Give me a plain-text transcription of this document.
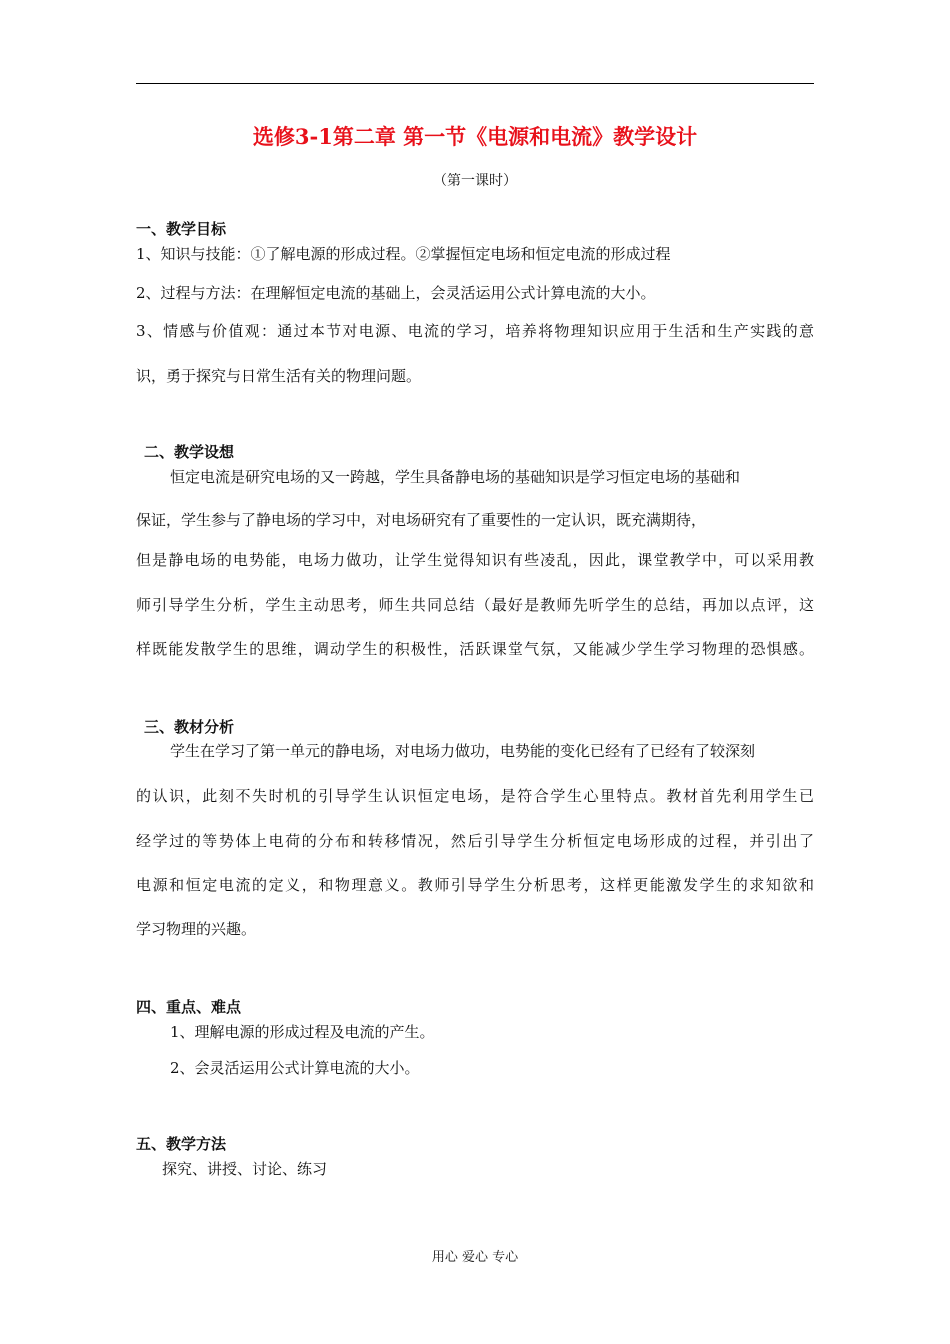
选修3-1第二章 第一节《电源和电流》教学设计
（第一课时）
一、教学目标
1、知识与技能：①了解电源的形成过程。②掌握恒定电场和恒定电流的形成过程
2、过程与方法：在理解恒定电流的基础上，会灵活运用公式计算电流的大小。
3、情感与价值观：通过本节对电源、电流的学习，培养将物理知识应用于生活和生产实践的意
识，勇于探究与日常生活有关的物理问题。
二、教学设想
恒定电流是研究电场的又一跨越，学生具备静电场的基础知识是学习恒定电场的基础和
保证，学生参与了静电场的学习中，对电场研究有了重要性的一定认识，既充满期待，
但是静电场的电势能，电场力做功，让学生觉得知识有些凌乱，因此，课堂教学中，可以采用教
师引导学生分析，学生主动思考，师生共同总结（最好是教师先听学生的总结，再加以点评，这
样既能发散学生的思维，调动学生的积极性，活跃课堂气氛，又能减少学生学习物理的恐惧感。
三、教材分析
学生在学习了第一单元的静电场，对电场力做功，电势能的变化已经有了已经有了较深刻
的认识，此刻不失时机的引导学生认识恒定电场，是符合学生心里特点。教材首先利用学生已
经学过的等势体上电荷的分布和转移情况，然后引导学生分析恒定电场形成的过程，并引出了
电源和恒定电流的定义，和物理意义。教师引导学生分析思考，这样更能激发学生的求知欲和
学习物理的兴趣。
四、重点、难点
1、理解电源的形成过程及电流的产生。
2、会灵活运用公式计算电流的大小。
五、教学方法
探究、讲授、讨论、练习
用心 爱心 专心
